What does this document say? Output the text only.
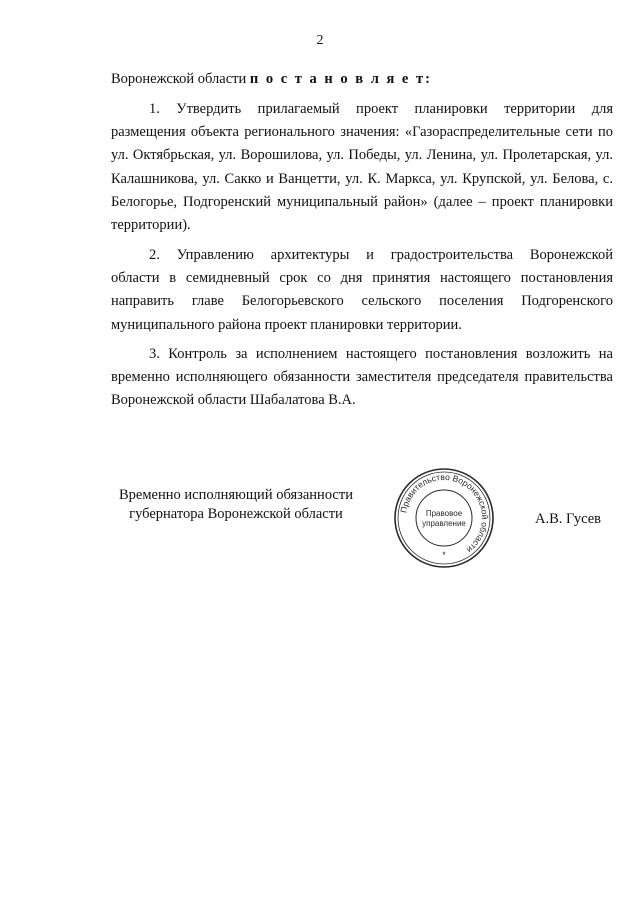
2
Воронежской области п о с т а н о в л я е т:

1. Утвердить прилагаемый проект планировки территории для
размещения объекта регионального значения: «Газораспределительные сети по ул. Октябрьская, ул. Ворошилова, ул. Победы, ул. Ленина, ул. Пролетарская, ул. Калашникова, ул. Сакко и Ванцетти, ул. К. Маркса, ул. Крупской, ул. Белова, с. Белогорье, Подгоренский муниципальный район» (далее – проект планировки территории).

2. Управлению архитектуры и градостроительства Воронежской
области в семидневный срок со дня принятия настоящего постановления направить главе Белогорьевского сельского поселения Подгоренского муниципального района проект планировки территории.

3. Контроль за исполнением настоящего постановления возложить на
временно исполняющего обязанности заместителя председателя правительства Воронежской области Шабалатова В.А.

Временно исполняющий обязанности
губернатора Воронежской области	А.В. Гусев
Правительство Воронежской области
Правовое
управление
*
